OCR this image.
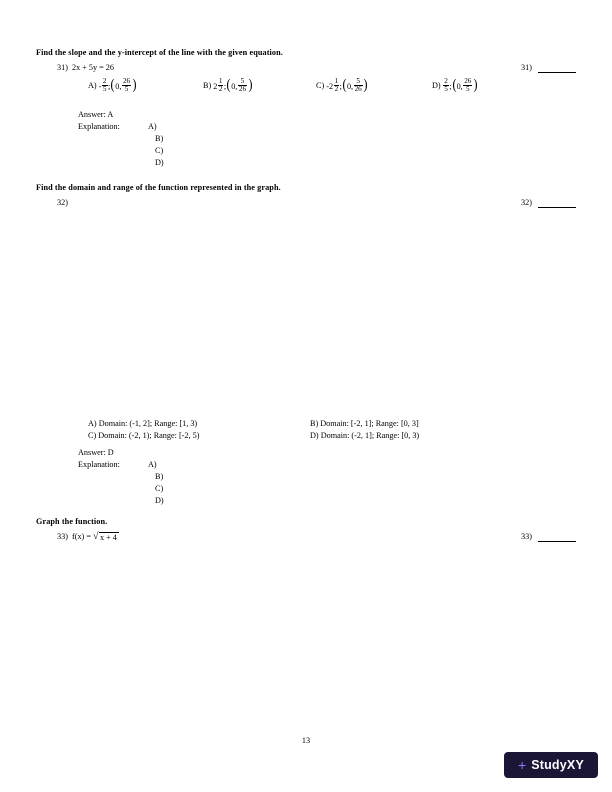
Find the slope and the y-intercept of the line with the given equation.
31) 2x + 5y = 26	31)
$A) - \frac{2}{5}$ ;(0, $\frac{26}{5}$ )	B) $2 \frac{1}{2}$ ;(0, $\frac{5}{26}$ )	C) $-2 \frac{1}{2}$ ;(0, $\frac{5}{26}$ )	$D) \frac{2}{5}$ ;(0, $\frac{26}{5}$ )
Answer: A
Explanation:	A)
B)
C)
D)
Find the domain and range of the function represented in the graph.
32)	32)
A) Domain: (-1, 2]; Range: [1, 3)	B) Domain: [-2, 1]; Range: [0, 3]
C) Domain: (-2, 1); Range: [-2, 5)	D) Domain: (-2, 1]; Range: [0, 3)
Answer: D
Explanation:	A)
B)
C)
D)
Graph the function.
33) f(x) = √ x + 4	33)
13
+ StudyXY
